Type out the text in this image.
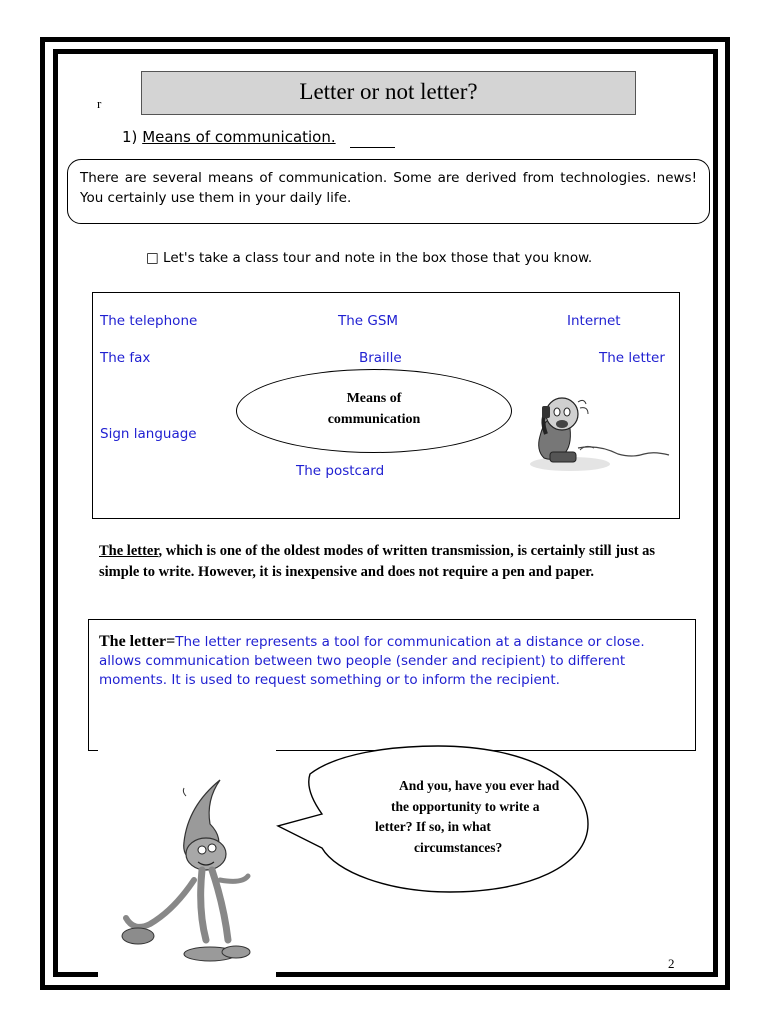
r	Letter or not letter?
1) Means of communication.
There are several means of communication. Some are derived from technologies. news! You certainly use them in your daily life.
□ Let's take a class tour and note in the box those that you know.
The telephone	The GSM	Internet
The fax	Braille	The letter
Sign language
The postcard
Means of
communication
The letter, which is one of the oldest modes of written transmission, is certainly still just as simple to write. However, it is inexpensive and does not require a pen and paper.
The letter=The letter represents a tool for communication at a distance or close. allows communication between two people (sender and recipient) to different moments. It is used to request something or to inform the recipient.
And you, have you ever had
the opportunity to write a
letter? If so, in what
circumstances?
2
